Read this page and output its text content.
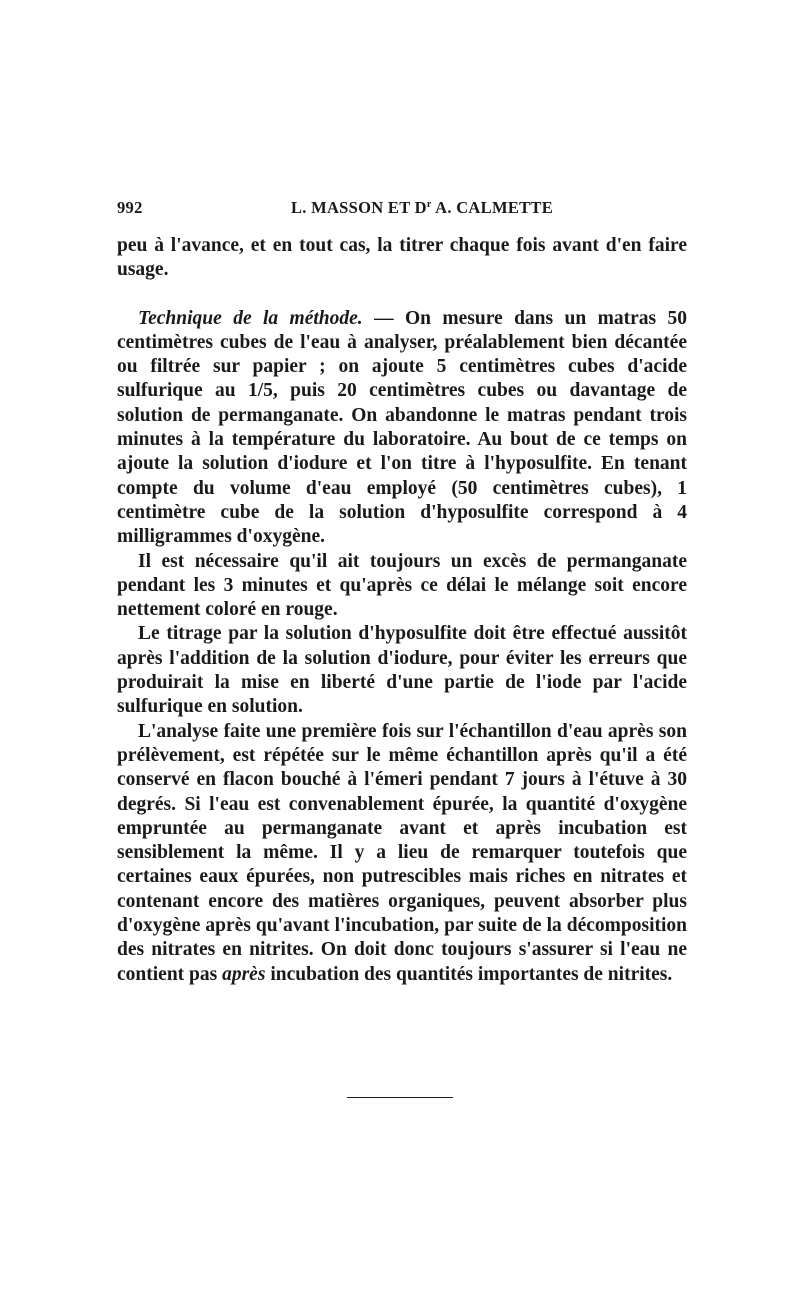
992	L. MASSON ET $D^r$ A. CALMETTE

peu à l'avance, et en tout cas, la titrer chaque fois avant d'en faire usage.

Technique de la méthode. — On mesure dans un matras 50 centimètres cubes de l'eau à analyser, préalablement bien décantée ou filtrée sur papier ; on ajoute 5 centimètres cubes d'acide sulfurique au 1/5, puis 20 centimètres cubes ou davantage de solution de permanganate. On abandonne le matras pendant trois minutes à la température du laboratoire. Au bout de ce temps on ajoute la solution d'iodure et l'on titre à l'hyposulfite. En tenant compte du volume d'eau employé (50 centimètres cubes), 1 centimètre cube de la solution d'hyposulfite correspond à 4 milligrammes d'oxygène.

Il est nécessaire qu'il ait toujours un excès de permanganate pendant les 3 minutes et qu'après ce délai le mélange soit encore nettement coloré en rouge.

Le titrage par la solution d'hyposulfite doit être effectué aussitôt après l'addition de la solution d'iodure, pour éviter les erreurs que produirait la mise en liberté d'une partie de l'iode par l'acide sulfurique en solution.

L'analyse faite une première fois sur l'échantillon d'eau après son prélèvement, est répétée sur le même échantillon après qu'il a été conservé en flacon bouché à l'émeri pendant 7 jours à l'étuve à 30 degrés. Si l'eau est convenablement épurée, la quantité d'oxygène empruntée au permanganate avant et après incubation est sensiblement la même. Il y a lieu de remarquer toutefois que certaines eaux épurées, non putrescibles mais riches en nitrates et contenant encore des matières organiques, peuvent absorber plus d'oxygène après qu'avant l'incubation, par suite de la décomposition des nitrates en nitrites. On doit donc toujours s'assurer si l'eau ne contient pas après incubation des quantités importantes de nitrites.
